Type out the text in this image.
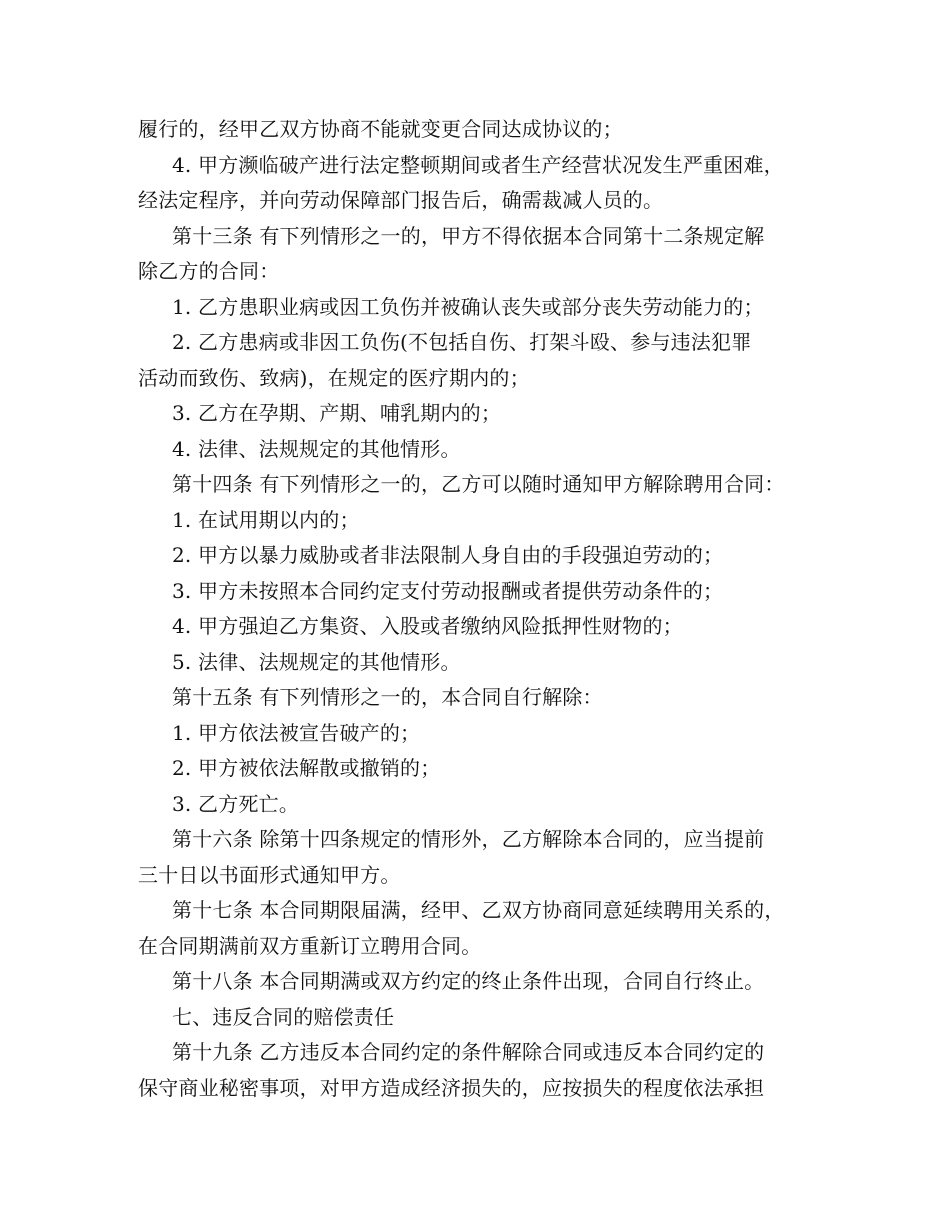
履行的，经甲乙双方协商不能就变更合同达成协议的；
4. 甲方濒临破产进行法定整顿期间或者生产经营状况发生严重困难，
经法定程序，并向劳动保障部门报告后，确需裁减人员的。
第十三条 有下列情形之一的，甲方不得依据本合同第十二条规定解
除乙方的合同：
1. 乙方患职业病或因工负伤并被确认丧失或部分丧失劳动能力的；
2. 乙方患病或非因工负伤(不包括自伤、打架斗殴、参与违法犯罪
活动而致伤、致病)，在规定的医疗期内的；
3. 乙方在孕期、产期、哺乳期内的；
4. 法律、法规规定的其他情形。
第十四条 有下列情形之一的，乙方可以随时通知甲方解除聘用合同：
1. 在试用期以内的；
2. 甲方以暴力威胁或者非法限制人身自由的手段强迫劳动的；
3. 甲方未按照本合同约定支付劳动报酬或者提供劳动条件的；
4. 甲方强迫乙方集资、入股或者缴纳风险抵押性财物的；
5. 法律、法规规定的其他情形。
第十五条 有下列情形之一的，本合同自行解除：
1. 甲方依法被宣告破产的；
2. 甲方被依法解散或撤销的；
3. 乙方死亡。
第十六条 除第十四条规定的情形外，乙方解除本合同的，应当提前
三十日以书面形式通知甲方。
第十七条 本合同期限届满，经甲、乙双方协商同意延续聘用关系的，
在合同期满前双方重新订立聘用合同。
第十八条 本合同期满或双方约定的终止条件出现，合同自行终止。
七、违反合同的赔偿责任
第十九条 乙方违反本合同约定的条件解除合同或违反本合同约定的
保守商业秘密事项，对甲方造成经济损失的，应按损失的程度依法承担
